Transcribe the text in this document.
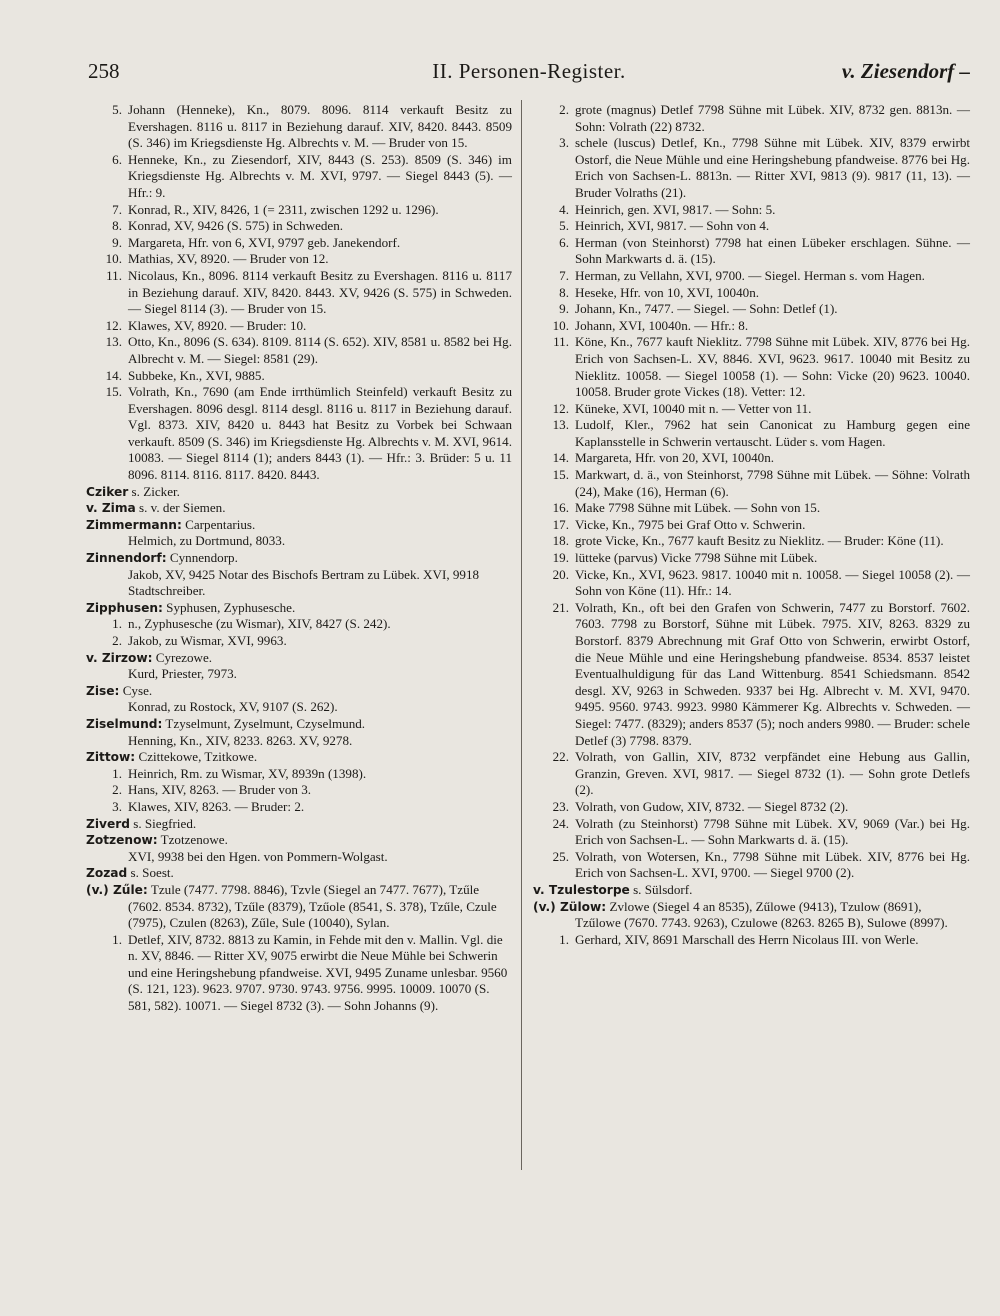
258	II. Personen-Register.	v. Ziesendorf –
5. Johann (Henneke), Kn., 8079. 8096. 8114 verkauft Besitz zu Evershagen. 8116 u. 8117 in Beziehung darauf. XIV, 8420. 8443. 8509 (S. 346) im Kriegsdienste Hg. Albrechts v. M. — Bruder von 15.
6. Henneke, Kn., zu Ziesendorf, XIV, 8443 (S. 253). 8509 (S. 346) im Kriegsdienste Hg. Albrechts v. M. XVI, 9797. — Siegel 8443 (5). — Hfr.: 9.
7. Konrad, R., XIV, 8426, 1 (= 2311, zwischen 1292 u. 1296).
8. Konrad, XV, 9426 (S. 575) in Schweden.
9. Margareta, Hfr. von 6, XVI, 9797 geb. Janekendorf.
10. Mathias, XV, 8920. — Bruder von 12.
11. Nicolaus, Kn., 8096. 8114 verkauft Besitz zu Evershagen. 8116 u. 8117 in Beziehung darauf. XIV, 8420. 8443. XV, 9426 (S. 575) in Schweden. — Siegel 8114 (3). — Bruder von 15.
12. Klawes, XV, 8920. — Bruder: 10.
13. Otto, Kn., 8096 (S. 634). 8109. 8114 (S. 652). XIV, 8581 u. 8582 bei Hg. Albrecht v. M. — Siegel: 8581 (29).
14. Subbeke, Kn., XVI, 9885.
15. Volrath, Kn., 7690 (am Ende irrthümlich Steinfeld) verkauft Besitz zu Evershagen. 8096 desgl. 8114 desgl. 8116 u. 8117 in Beziehung darauf. Vgl. 8373. XIV, 8420 u. 8443 hat Besitz zu Vorbek bei Schwaan verkauft. 8509 (S. 346) im Kriegsdienste Hg. Albrechts v. M. XVI, 9614. 10083. — Siegel 8114 (1); anders 8443 (1). — Hfr.: 3. Brüder: 5 u. 11 8096. 8114. 8116. 8117. 8420. 8443.
Cziker s. Zicker.
v. Zima s. v. der Siemen.
Zimmermann: Carpentarius.
Helmich, zu Dortmund, 8033.
Zinnendorf: Cynnendorp.
Jakob, XV, 9425 Notar des Bischofs Bertram zu Lübek. XVI, 9918 Stadtschreiber.
Zipphusen: Syphusen, Zyphusesche.
1. n., Zyphusesche (zu Wismar), XIV, 8427 (S. 242).
2. Jakob, zu Wismar, XVI, 9963.
v. Zirzow: Cyrezowe.
Kurd, Priester, 7973.
Zise: Cyse.
Konrad, zu Rostock, XV, 9107 (S. 262).
Ziselmund: Tzyselmunt, Zyselmunt, Czyselmund.
Henning, Kn., XIV, 8233. 8263. XV, 9278.
Zittow: Czittekowe, Tzitkowe.
1. Heinrich, Rm. zu Wismar, XV, 8939n (1398).
2. Hans, XIV, 8263. — Bruder von 3.
3. Klawes, XIV, 8263. — Bruder: 2.
Ziverd s. Siegfried.
Zotzenow: Tzotzenowe.
XVI, 9938 bei den Hgen. von Pommern-Wolgast.
Zozad s. Soest.
(v.) Zűle: Tzule (7477. 7798. 8846), Tzvle (Siegel an 7477. 7677), Tzűle (7602. 8534. 8732), Tzűle (8379), Tzűole (8541, S. 378), Tzűle, Czule (7975), Czulen (8263), Zűle, Sule (10040), Sylan.
1. Detlef, XIV, 8732. 8813 zu Kamin, in Fehde mit den v. Mallin. Vgl. die n. XV, 8846. — Ritter XV, 9075 erwirbt die Neue Mühle bei Schwerin und eine Heringshebung pfandweise. XVI, 9495 Zuname unlesbar. 9560 (S. 121, 123). 9623. 9707. 9730. 9743. 9756. 9995. 10009. 10070 (S. 581, 582). 10071. — Siegel 8732 (3). — Sohn Johanns (9).
2. grote (magnus) Detlef 7798 Sühne mit Lübek. XIV, 8732 gen. 8813n. — Sohn: Volrath (22) 8732.
3. schele (luscus) Detlef, Kn., 7798 Sühne mit Lübek. XIV, 8379 erwirbt Ostorf, die Neue Mühle und eine Heringshebung pfandweise. 8776 bei Hg. Erich von Sachsen-L. 8813n. — Ritter XVI, 9813 (9). 9817 (11, 13). — Bruder Volraths (21).
4. Heinrich, gen. XVI, 9817. — Sohn: 5.
5. Heinrich, XVI, 9817. — Sohn von 4.
6. Herman (von Steinhorst) 7798 hat einen Lübeker erschlagen. Sühne. — Sohn Markwarts d. ä. (15).
7. Herman, zu Vellahn, XVI, 9700. — Siegel. Herman s. vom Hagen.
8. Heseke, Hfr. von 10, XVI, 10040n.
9. Johann, Kn., 7477. — Siegel. — Sohn: Detlef (1).
10. Johann, XVI, 10040n. — Hfr.: 8.
11. Köne, Kn., 7677 kauft Nieklitz. 7798 Sühne mit Lübek. XIV, 8776 bei Hg. Erich von Sachsen-L. XV, 8846. XVI, 9623. 9617. 10040 mit Besitz zu Nieklitz. 10058. — Siegel 10058 (1). — Sohn: Vicke (20) 9623. 10040. 10058. Bruder grote Vickes (18). Vetter: 12.
12. Küneke, XVI, 10040 mit n. — Vetter von 11.
13. Ludolf, Kler., 7962 hat sein Canonicat zu Hamburg gegen eine Kaplansstelle in Schwerin vertauscht. Lüder s. vom Hagen.
14. Margareta, Hfr. von 20, XVI, 10040n.
15. Markwart, d. ä., von Steinhorst, 7798 Sühne mit Lübek. — Söhne: Volrath (24), Make (16), Herman (6).
16. Make 7798 Sühne mit Lübek. — Sohn von 15.
17. Vicke, Kn., 7975 bei Graf Otto v. Schwerin.
18. grote Vicke, Kn., 7677 kauft Besitz zu Nieklitz. — Bruder: Köne (11).
19. lütteke (parvus) Vicke 7798 Sühne mit Lübek.
20. Vicke, Kn., XVI, 9623. 9817. 10040 mit n. 10058. — Siegel 10058 (2). — Sohn von Köne (11). Hfr.: 14.
21. Volrath, Kn., oft bei den Grafen von Schwerin, 7477 zu Borstorf. 7602. 7603. 7798 zu Borstorf, Sühne mit Lübek. 7975. XIV, 8263. 8329 zu Borstorf. 8379 Abrechnung mit Graf Otto von Schwerin, erwirbt Ostorf, die Neue Mühle und eine Heringshebung pfandweise. 8534. 8537 leistet Eventualhuldigung für das Land Wittenburg. 8541 Schiedsmann. 8542 desgl. XV, 9263 in Schweden. 9337 bei Hg. Albrecht v. M. XVI, 9470. 9495. 9560. 9743. 9923. 9980 Kämmerer Kg. Albrechts v. Schweden. — Siegel: 7477. (8329); anders 8537 (5); noch anders 9980. — Bruder: schele Detlef (3) 7798. 8379.
22. Volrath, von Gallin, XIV, 8732 verpfändet eine Hebung aus Gallin, Granzin, Greven. XVI, 9817. — Siegel 8732 (1). — Sohn grote Detlefs (2).
23. Volrath, von Gudow, XIV, 8732. — Siegel 8732 (2).
24. Volrath (zu Steinhorst) 7798 Sühne mit Lübek. XV, 9069 (Var.) bei Hg. Erich von Sachsen-L. — Sohn Markwarts d. ä. (15).
25. Volrath, von Wotersen, Kn., 7798 Sühne mit Lübek. XIV, 8776 bei Hg. Erich von Sachsen-L. XVI, 9700. — Siegel 9700 (2).
v. Tzulestorpe s. Sülsdorf.
(v.) Zülow: Zvlowe (Siegel 4 an 8535), Zűlowe (9413), Tzulow (8691), Tzűlowe (7670. 7743. 9263), Czulowe (8263. 8265 B), Sulowe (8997).
1. Gerhard, XIV, 8691 Marschall des Herrn Nicolaus III. von Werle.
